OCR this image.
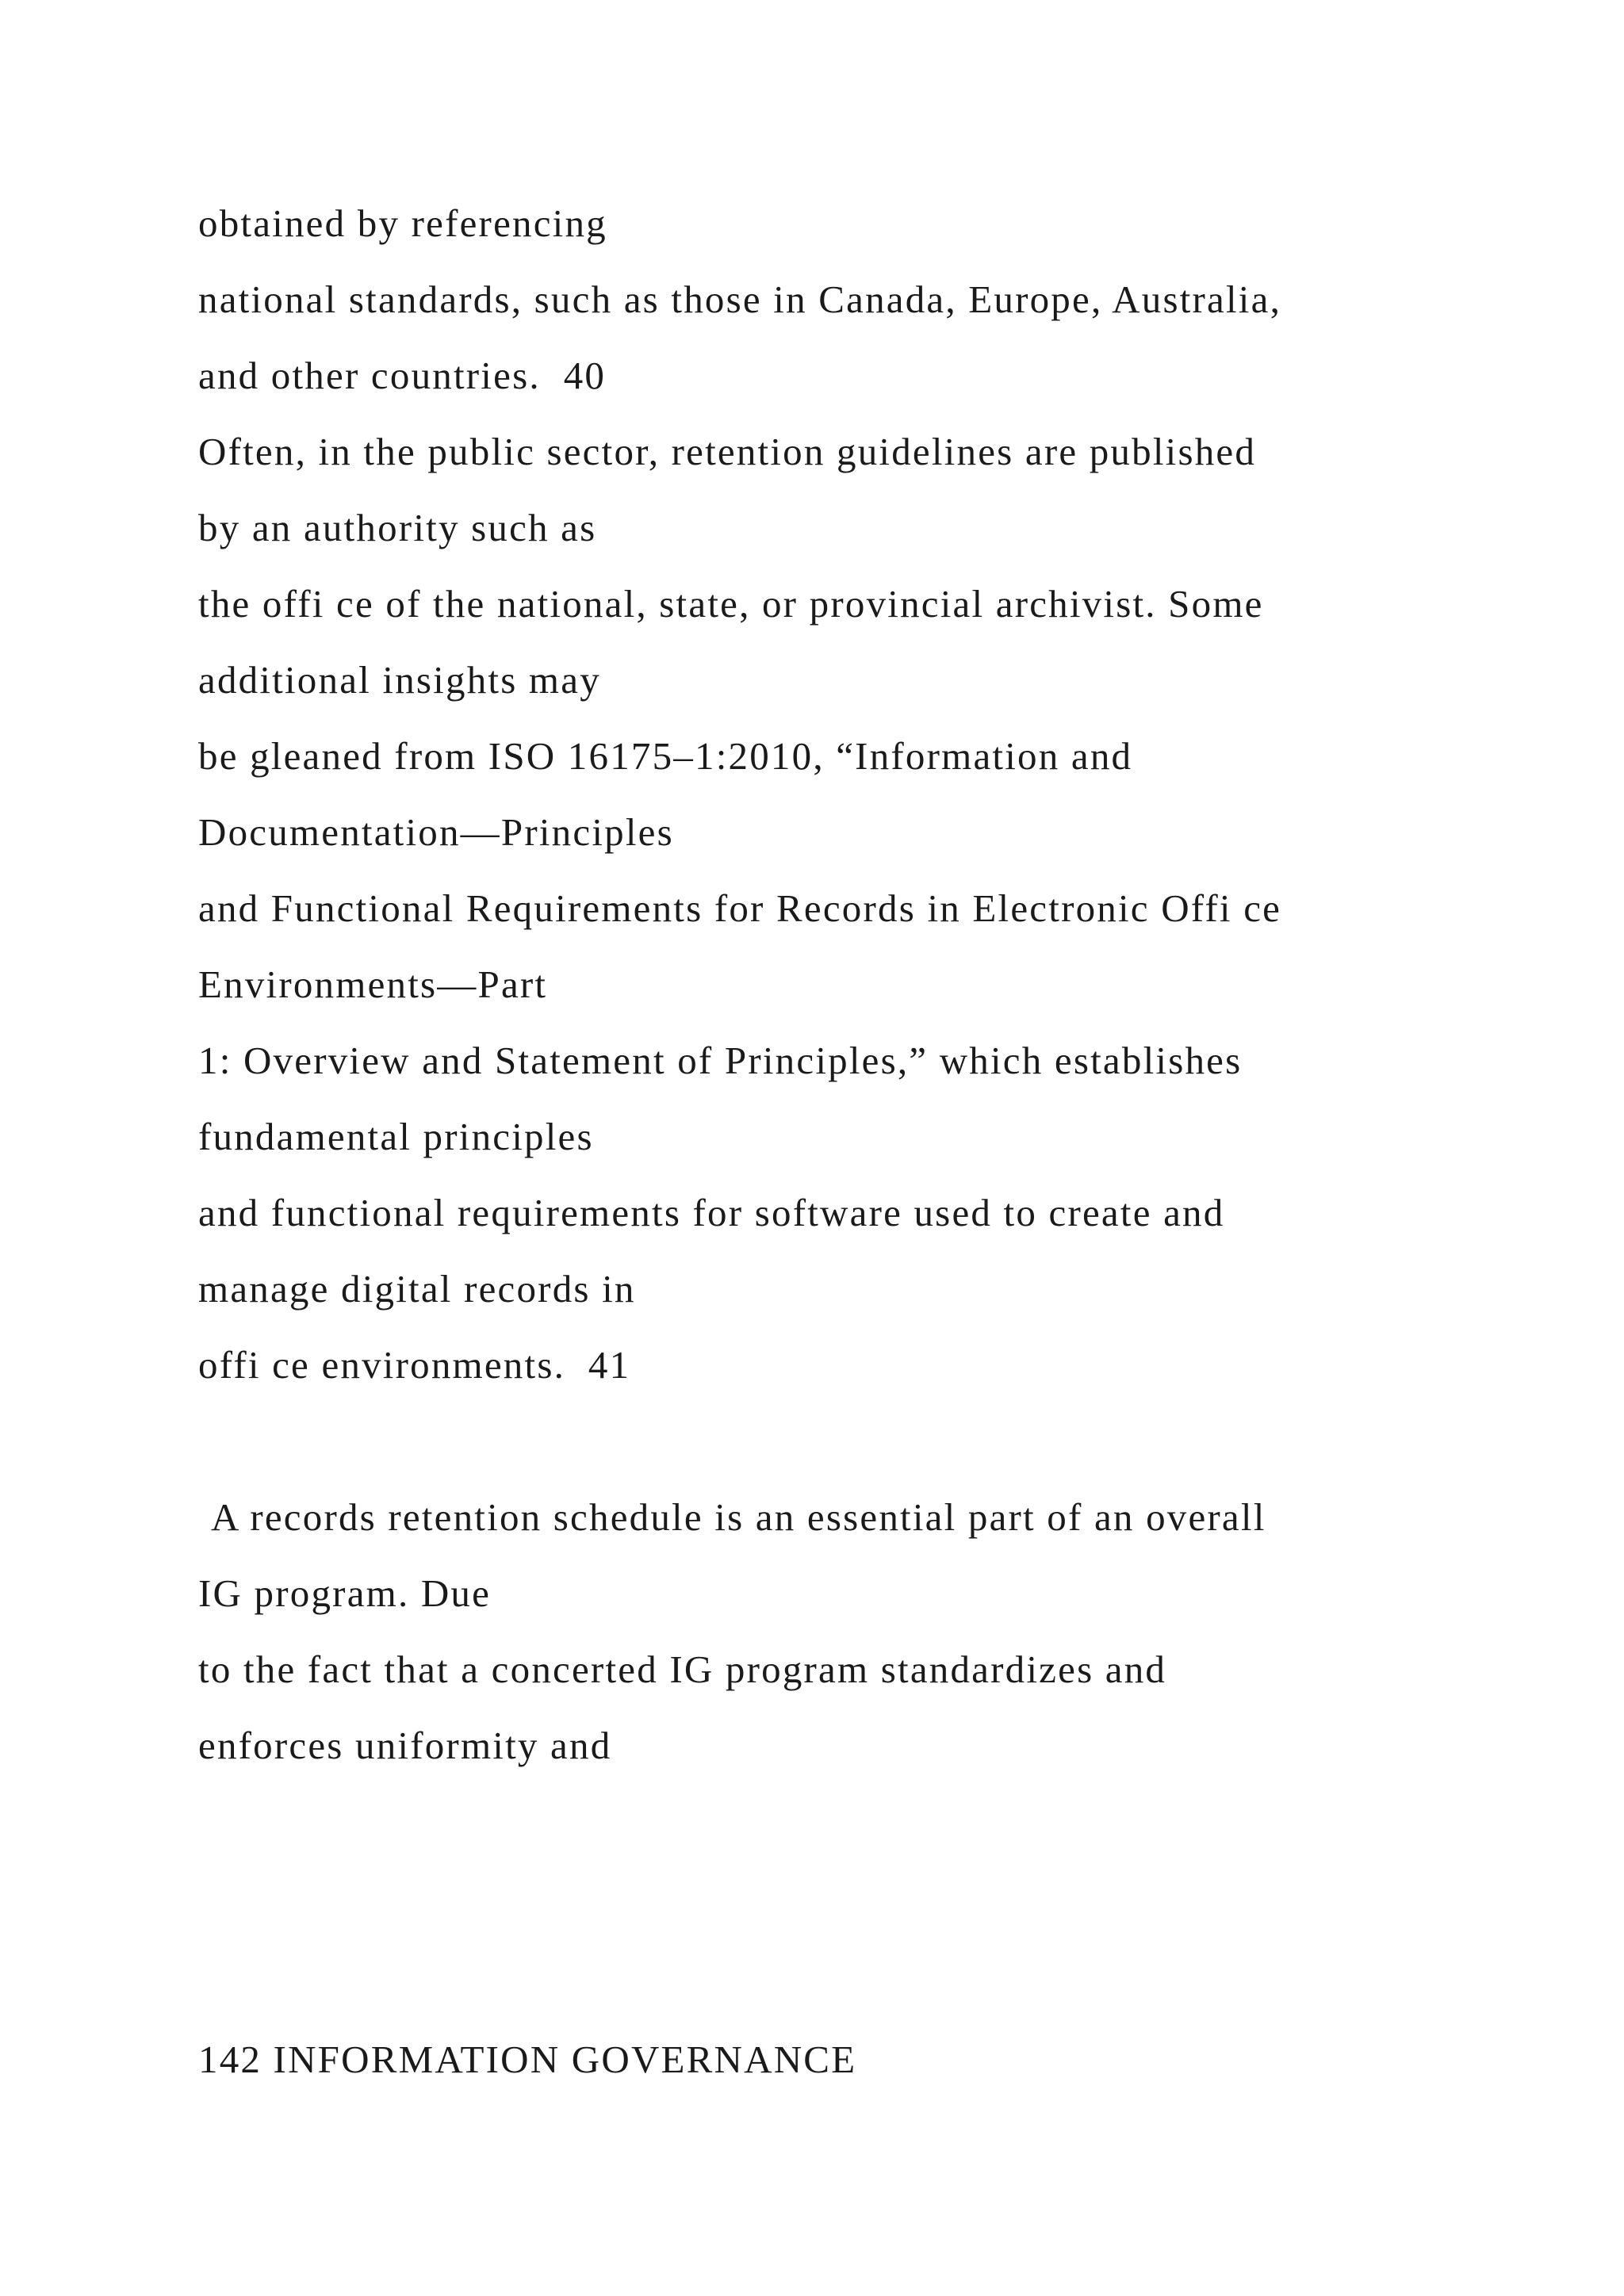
obtained by referencing

national standards, such as those in Canada, Europe, Australia,

and other countries.  40

Often, in the public sector, retention guidelines are published

by an authority such as

the offi ce of the national, state, or provincial archivist. Some

additional insights may

be gleaned from ISO 16175–1:2010, “Information and

Documentation—Principles

and Functional Requirements for Records in Electronic Offi ce

Environments—Part

1: Overview and Statement of Principles,” which establishes

fundamental principles

and functional requirements for software used to create and

manage digital records in

offi ce environments.  41

A records retention schedule is an essential part of an overall

IG program. Due

to the fact that a concerted IG program standardizes and

enforces uniformity and

142 INFORMATION GOVERNANCE
